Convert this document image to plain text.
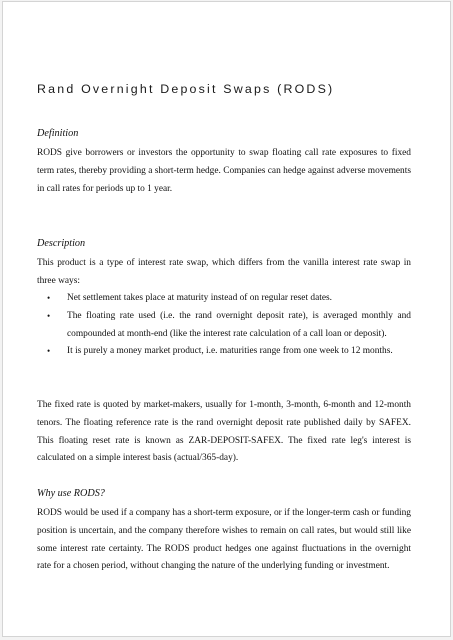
Rand Overnight Deposit Swaps (RODS)
Definition

RODS give borrowers or investors the opportunity to swap floating call rate exposures to fixed term rates, thereby providing a short-term hedge. Companies can hedge against adverse movements in call rates for periods up to 1 year.

Description

This product is a type of interest rate swap, which differs from the vanilla interest rate swap in three ways:

• Net settlement takes place at maturity instead of on regular reset dates.
• The floating rate used (i.e. the rand overnight deposit rate), is averaged monthly and compounded at month-end (like the interest rate calculation of a call loan or deposit).
• It is purely a money market product, i.e. maturities range from one week to 12 months.

The fixed rate is quoted by market-makers, usually for 1-month, 3-month, 6-month and 12-month tenors. The floating reference rate is the rand overnight deposit rate published daily by SAFEX. This floating reset rate is known as ZAR-DEPOSIT-SAFEX. The fixed rate leg's interest is calculated on a simple interest basis (actual/365-day).

Why use RODS?

RODS would be used if a company has a short-term exposure, or if the longer-term cash or funding position is uncertain, and the company therefore wishes to remain on call rates, but would still like some interest rate certainty. The RODS product hedges one against fluctuations in the overnight rate for a chosen period, without changing the nature of the underlying funding or investment.
